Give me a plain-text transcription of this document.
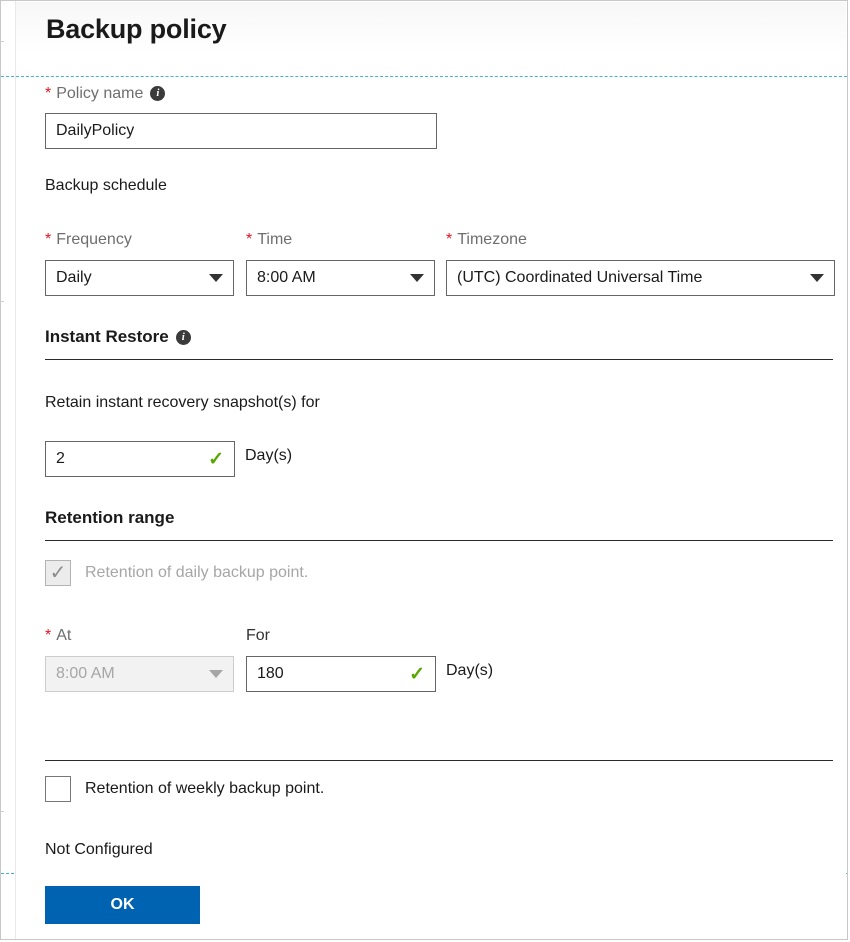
Backup policy
* Policy name i
DailyPolicy
Backup schedule
* Frequency
Daily
* Time
8:00 AM
* Timezone
(UTC) Coordinated Universal Time
Instant Restore i
Retain instant recovery snapshot(s) for
2	✓ Day(s)
Retention range
✓ Retention of daily backup point.
* At
8:00 AM
For
180	✓ Day(s)
Retention of weekly backup point.
Not Configured
OK
